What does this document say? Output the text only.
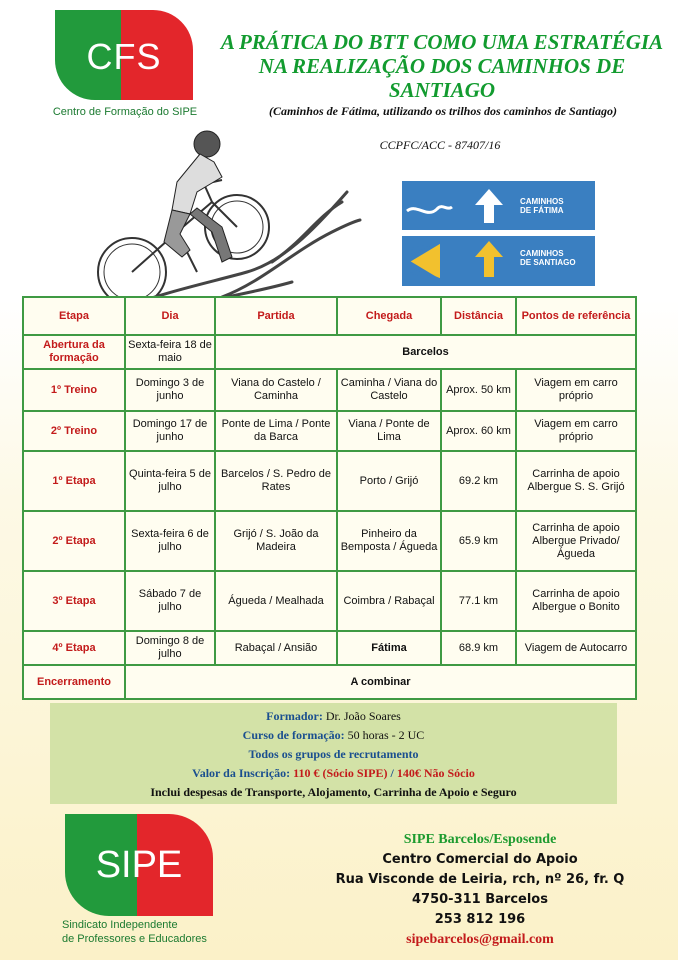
CFS
Centro de Formação do SIPE
A PRÁTICA DO BTT COMO UMA ESTRATÉGIA
NA REALIZAÇÃO DOS CAMINHOS DE
SANTIAGO
(Caminhos de Fátima, utilizando os trilhos dos caminhos de Santiago)
CCPFC/ACC - 87407/16
CAMINHOS
DE FÁTIMA
CAMINHOS
DE SANTIAGO
Etapa	Dia	Partida	Chegada	Distância	Pontos de referência
Abertura da formação	Sexta-feira 18 de maio	Barcelos			
1º Treino	Domingo 3 de junho	Viana do Castelo / Caminha	Caminha / Viana do Castelo	Aprox. 50 km	Viagem em carro próprio
2º Treino	Domingo 17 de junho	Ponte de Lima / Ponte da Barca	Viana / Ponte de Lima	Aprox. 60 km	Viagem em carro próprio
1º Etapa	Quinta-feira 5 de julho	Barcelos / S. Pedro de Rates	Porto / Grijó	69.2 km	Carrinha de apoio Albergue S. S. Grijó
2º Etapa	Sexta-feira 6 de julho	Grijó / S. João da Madeira	Pinheiro da Bemposta / Águeda	65.9 km	Carrinha de apoio Albergue Privado/ Águeda
3º Etapa	Sábado 7 de julho	Águeda / Mealhada	Coimbra / Rabaçal	77.1 km	Carrinha de apoio Albergue o Bonito
4º Etapa	Domingo 8 de julho	Rabaçal / Ansião	Fátima	68.9 km	Viagem de Autocarro
Encerramento	A combinar				
Formador: Dr. João Soares
Curso de formação: 50 horas - 2 UC
Todos os grupos de recrutamento
Valor da Inscrição: 110 € (Sócio SIPE) / 140€ Não Sócio
Inclui despesas de Transporte, Alojamento, Carrinha de Apoio e Seguro
SIPE
Sindicato Independente
de Professores e Educadores
SIPE Barcelos/Esposende
Centro Comercial do Apoio
Rua Visconde de Leiria, rch, nº 26, fr. Q
4750-311 Barcelos
253 812 196
sipebarcelos@gmail.com
